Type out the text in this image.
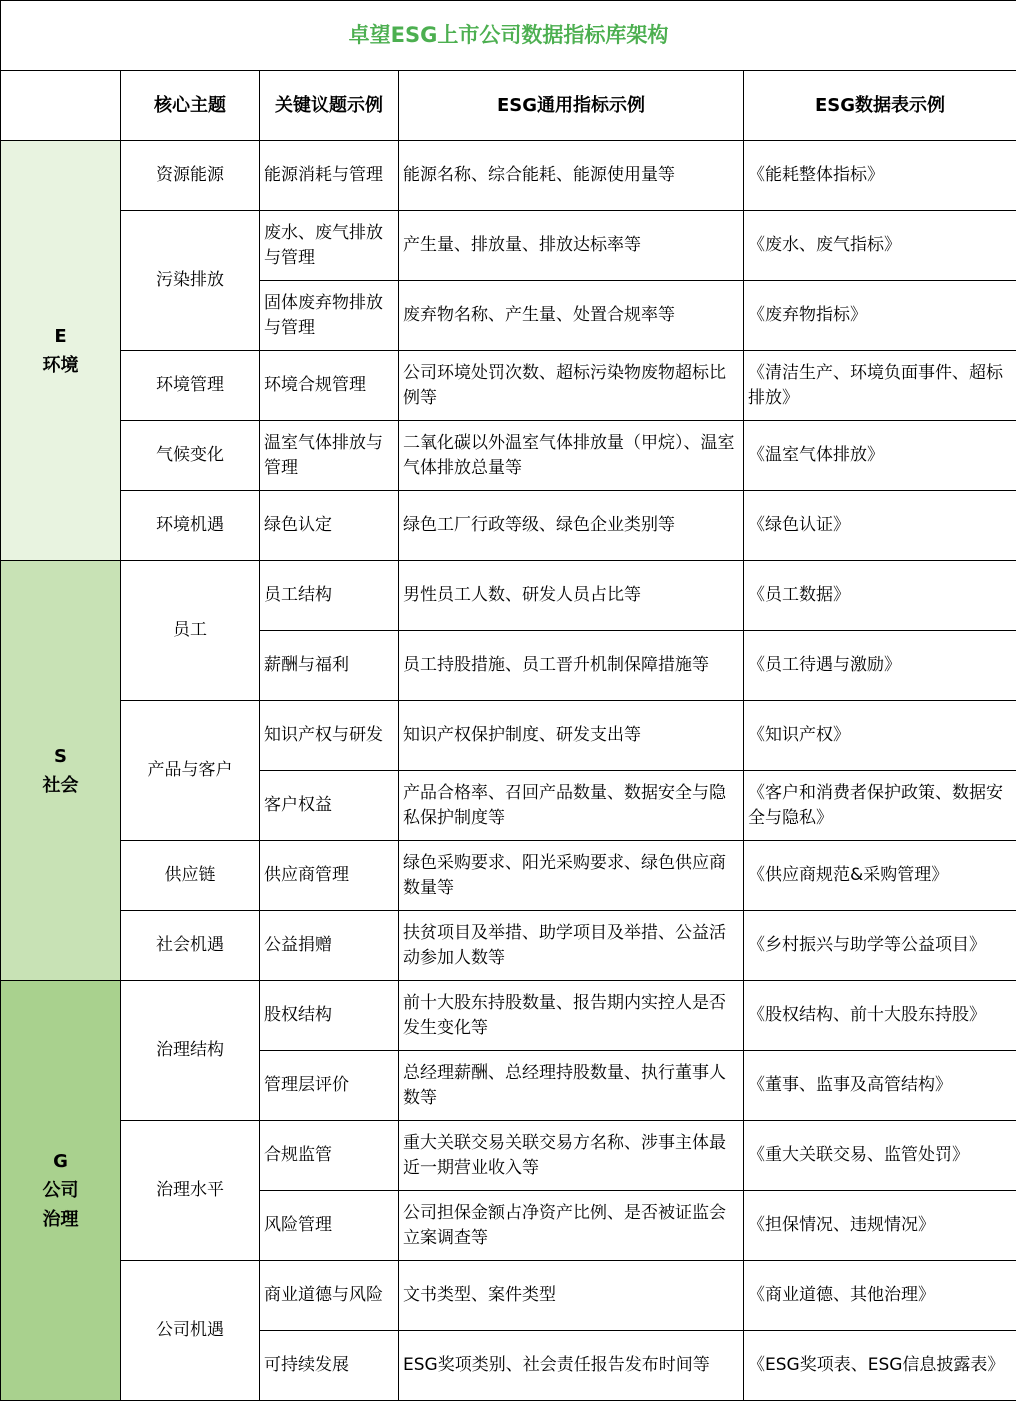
卓望ESG上市公司数据指标库架构				
	核心主题	关键议题示例	ESG通用指标示例	ESG数据表示例

E
环境	资源能源	能源消耗与管理	能源名称、综合能耗、能源使用量等	《能耗整体指标》
	污染排放	废水、废气排放与管理	产生量、排放量、排放达标率等	《废水、废气指标》
		固体废弃物排放与管理	废弃物名称、产生量、处置合规率等	《废弃物指标》
	环境管理	环境合规管理	公司环境处罚次数、超标污染物废物超标比例等	《清洁生产、环境负面事件、超标排放》
	气候变化	温室气体排放与管理	二氧化碳以外温室气体排放量（甲烷）、温室气体排放总量等	《温室气体排放》
	环境机遇	绿色认定	绿色工厂行政等级、绿色企业类别等	《绿色认证》

S
社会	员工	员工结构	男性员工人数、研发人员占比等	《员工数据》
		薪酬与福利	员工持股措施、员工晋升机制保障措施等	《员工待遇与激励》
	产品与客户	知识产权与研发	知识产权保护制度、研发支出等	《知识产权》
		客户权益	产品合格率、召回产品数量、数据安全与隐私保护制度等	《客户和消费者保护政策、数据安全与隐私》
	供应链	供应商管理	绿色采购要求、阳光采购要求、绿色供应商数量等	《供应商规范&采购管理》
	社会机遇	公益捐赠	扶贫项目及举措、助学项目及举措、公益活动参加人数等	《乡村振兴与助学等公益项目》

G
公司
治理	治理结构	股权结构	前十大股东持股数量、报告期内实控人是否发生变化等	《股权结构、前十大股东持股》
		管理层评价	总经理薪酬、总经理持股数量、执行董事人数等	《董事、监事及高管结构》
	治理水平	合规监管	重大关联交易关联交易方名称、涉事主体最近一期营业收入等	《重大关联交易、监管处罚》
		风险管理	公司担保金额占净资产比例、是否被证监会立案调查等	《担保情况、违规情况》
	公司机遇	商业道德与风险	文书类型、案件类型	《商业道德、其他治理》
		可持续发展	ESG奖项类别、社会责任报告发布时间等	《ESG奖项表、ESG信息披露表》
